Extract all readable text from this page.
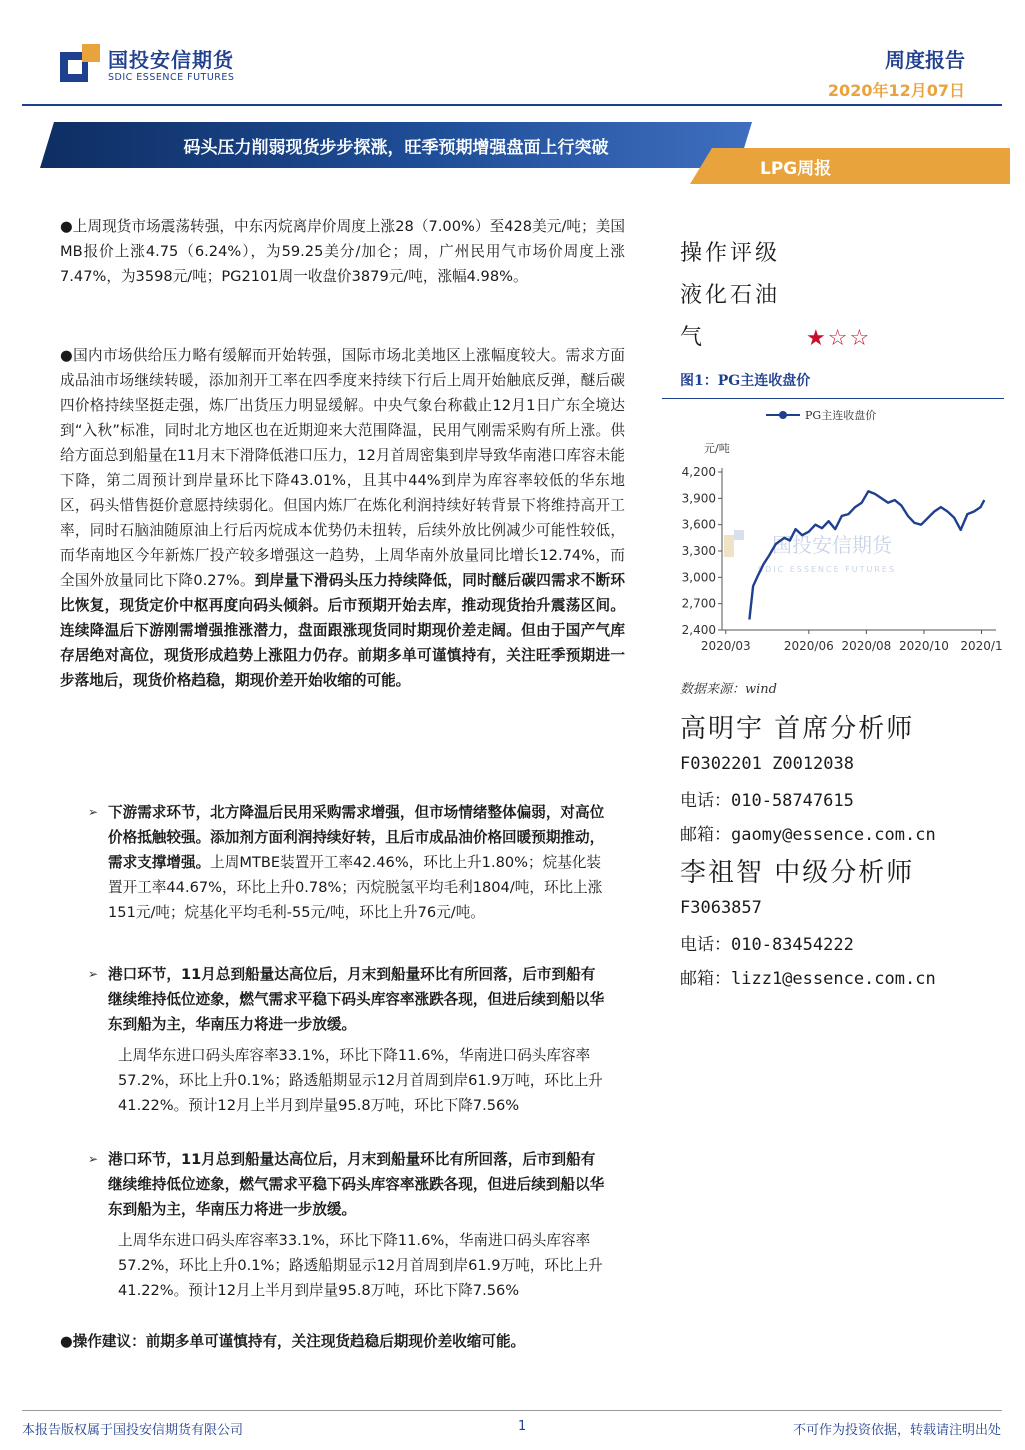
国投安信期货
SDIC ESSENCE FUTURES
周度报告
2020年12月07日
码头压力削弱现货步步探涨，旺季预期增强盘面上行突破
LPG周报

●上周现货市场震荡转强，中东丙烷离岸价周度上涨28（7.00%）至428美元/吨；美国MB报价上涨4.75（6.24%），为59.25美分/加仑；周，广州民用气市场价周度上涨7.47%，为3598元/吨；PG2101周一收盘价3879元/吨，涨幅4.98%。

●国内市场供给压力略有缓解而开始转强，国际市场北美地区上涨幅度较大。需求方面成品油市场继续转暖，添加剂开工率在四季度来持续下行后上周开始触底反弹，醚后碳四价格持续坚挺走强，炼厂出货压力明显缓解。中央气象台称截止12月1日广东全境达到“入秋”标准，同时北方地区也在近期迎来大范围降温，民用气刚需采购有所上涨。供给方面总到船量在11月末下滑降低港口压力，12月首周密集到岸导致华南港口库容未能下降，第二周预计到岸量环比下降43.01%，且其中44%到岸为库容率较低的华东地区，码头惜售挺价意愿持续弱化。但国内炼厂在炼化利润持续好转背景下将维持高开工率，同时石脑油随原油上行后丙烷成本优势仍未扭转，后续外放比例减少可能性较低，而华南地区今年新炼厂投产较多增强这一趋势，上周华南外放量同比增长12.74%，而全国外放量同比下降0.27%。到岸量下滑码头压力持续降低，同时醚后碳四需求不断环比恢复，现货定价中枢再度向码头倾斜。后市预期开始去库，推动现货抬升震荡区间。连续降温后下游刚需增强推涨潜力，盘面跟涨现货同时期现价差走阔。但由于国产气库存居绝对高位，现货形成趋势上涨阻力仍存。前期多单可谨慎持有，关注旺季预期进一步落地后，现货价格趋稳，期现价差开始收缩的可能。

➢ 下游需求环节，北方降温后民用采购需求增强，但市场情绪整体偏弱，对高位价格抵触较强。添加剂方面利润持续好转，且后市成品油价格回暖预期推动，需求支撑增强。上周MTBE装置开工率42.46%，环比上升1.80%；烷基化装置开工率44.67%，环比上升0.78%；丙烷脱氢平均毛利1804/吨，环比上涨151元/吨；烷基化平均毛利-55元/吨，环比上升76元/吨。
➢ 港口环节，11月总到船量达高位后，月末到船量环比有所回落，后市到船有继续维持低位迹象，燃气需求平稳下码头库容率涨跌各现，但进后续到船以华东到船为主，华南压力将进一步放缓。

上周华东进口码头库容率33.1%，环比下降11.6%，华南进口码头库容率57.2%，环比上升0.1%；路透船期显示12月首周到岸61.9万吨，环比上升41.22%。预计12月上半月到岸量95.8万吨，环比下降7.56%

➢ 港口环节，11月总到船量达高位后，月末到船量环比有所回落，后市到船有继续维持低位迹象，燃气需求平稳下码头库容率涨跌各现，但进后续到船以华东到船为主，华南压力将进一步放缓。

上周华东进口码头库容率33.1%，环比下降11.6%，华南进口码头库容率57.2%，环比上升0.1%；路透船期显示12月首周到岸61.9万吨，环比上升41.22%。预计12月上半月到岸量95.8万吨，环比下降7.56%

●操作建议：前期多单可谨慎持有，关注现货趋稳后期现价差收缩可能。
操作评级
液化石油
气	★☆☆
图1：PG主连收盘价
PG主连收盘价
元/吨
国投安信期货
SDIC ESSENCE FUTURES
2,400
2,700
3,000
3,300
3,600
3,900
4,200
2020/03	2020/06 2020/08 2020/10 2020/1
数据来源：wind
高明宇 首席分析师
F0302201 Z0012038
电话：010-58747615
邮箱：gaomy@essence.com.cn
李祖智 中级分析师
F3063857
电话：010-83454222
邮箱：lizz1@essence.com.cn
本报告版权属于国投安信期货有限公司	1	不可作为投资依据，转载请注明出处
